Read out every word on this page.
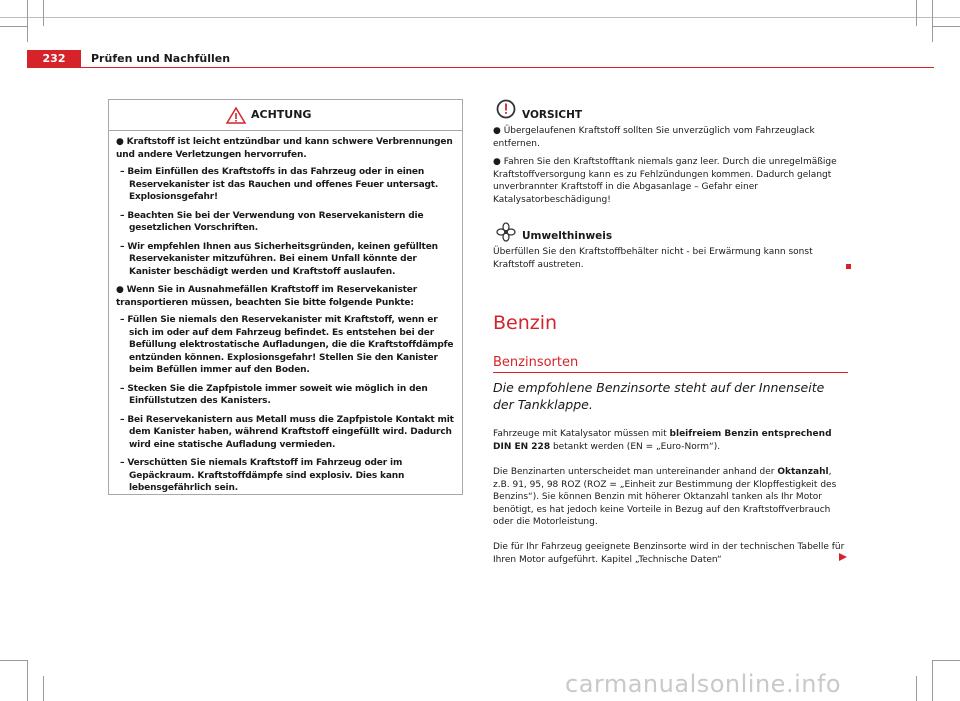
232	Prüfen und Nachfüllen
ACHTUNG

● Kraftstoff ist leicht entzündbar und kann schwere Verbrennungen und andere Verletzungen hervorrufen.

– Beim Einfüllen des Kraftstoffs in das Fahrzeug oder in einen Reservekanister ist das Rauchen und offenes Feuer untersagt. Explosionsgefahr!

– Beachten Sie bei der Verwendung von Reservekanistern die gesetzlichen Vorschriften.

– Wir empfehlen Ihnen aus Sicherheitsgründen, keinen gefüllten Reservekanister mitzuführen. Bei einem Unfall könnte der Kanister beschädigt werden und Kraftstoff auslaufen.

● Wenn Sie in Ausnahmefällen Kraftstoff im Reservekanister transportieren müssen, beachten Sie bitte folgende Punkte:

– Füllen Sie niemals den Reservekanister mit Kraftstoff, wenn er sich im oder auf dem Fahrzeug befindet. Es entstehen bei der Befüllung elektrostatische Aufladungen, die die Kraftstoffdämpfe entzünden können. Explosionsgefahr! Stellen Sie den Kanister beim Befüllen immer auf den Boden.

– Stecken Sie die Zapfpistole immer soweit wie möglich in den Einfüllstutzen des Kanisters.

– Bei Reservekanistern aus Metall muss die Zapfpistole Kontakt mit dem Kanister haben, während Kraftstoff eingefüllt wird. Dadurch wird eine statische Aufladung vermieden.

– Verschütten Sie niemals Kraftstoff im Fahrzeug oder im Gepäckraum. Kraftstoffdämpfe sind explosiv. Dies kann lebensgefährlich sein.

VORSICHT

● Übergelaufenen Kraftstoff sollten Sie unverzüglich vom Fahrzeuglack entfernen.

● Fahren Sie den Kraftstofftank niemals ganz leer. Durch die unregelmäßige Kraftstoffversorgung kann es zu Fehlzündungen kommen. Dadurch gelangt unverbrannter Kraftstoff in die Abgasanlage – Gefahr einer Katalysatorbeschädigung!

Umwelthinweis
Überfüllen Sie den Kraftstoffbehälter nicht - bei Erwärmung kann sonst Kraftstoff austreten.
Benzin
Benzinsorten
Die empfohlene Benzinsorte steht auf der Innenseite der Tankklappe.
Fahrzeuge mit Katalysator müssen mit bleifreiem Benzin entsprechend DIN EN 228 betankt werden (EN = „Euro-Norm“).
Die Benzinarten unterscheidet man untereinander anhand der Oktanzahl, z.B. 91, 95, 98 ROZ (ROZ = „Einheit zur Bestimmung der Klopffestigkeit des Benzins“). Sie können Benzin mit höherer Oktanzahl tanken als Ihr Motor benötigt, es hat jedoch keine Vorteile in Bezug auf den Kraftstoffverbrauch oder die Motorleistung.
Die für Ihr Fahrzeug geeignete Benzinsorte wird in der technischen Tabelle für Ihren Motor aufgeführt. Kapitel „Technische Daten“
carmanualsonline.info
